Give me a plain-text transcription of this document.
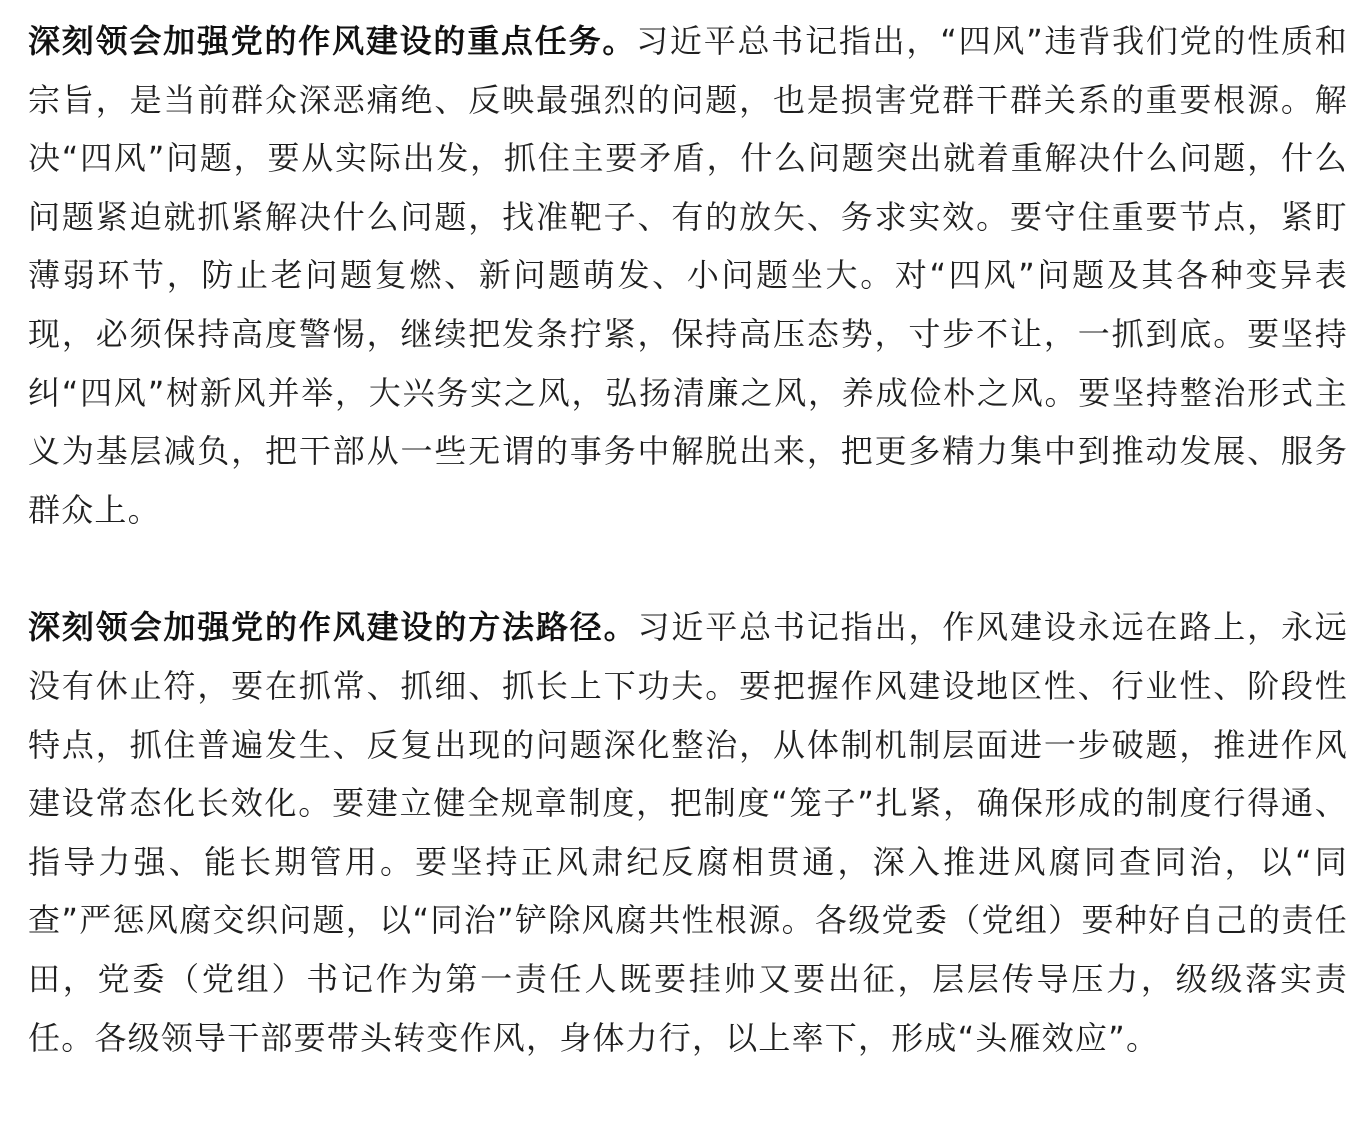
深刻领会加强党的作风建设的重点任务。习近平总书记指出，“四风”违背我们党的性质和宗旨，是当前群众深恶痛绝、反映最强烈的问题，也是损害党群干群关系的重要根源。解决“四风”问题，要从实际出发，抓住主要矛盾，什么问题突出就着重解决什么问题，什么问题紧迫就抓紧解决什么问题，找准靶子、有的放矢、务求实效。要守住重要节点，紧盯薄弱环节，防止老问题复燃、新问题萌发、小问题坐大。对“四风”问题及其各种变异表现，必须保持高度警惕，继续把发条拧紧，保持高压态势，寸步不让，一抓到底。要坚持纠“四风”树新风并举，大兴务实之风，弘扬清廉之风，养成俭朴之风。要坚持整治形式主义为基层减负，把干部从一些无谓的事务中解脱出来，把更多精力集中到推动发展、服务群众上。

深刻领会加强党的作风建设的方法路径。习近平总书记指出，作风建设永远在路上，永远没有休止符，要在抓常、抓细、抓长上下功夫。要把握作风建设地区性、行业性、阶段性特点，抓住普遍发生、反复出现的问题深化整治，从体制机制层面进一步破题，推进作风建设常态化长效化。要建立健全规章制度，把制度“笼子”扎紧，确保形成的制度行得通、指导力强、能长期管用。要坚持正风肃纪反腐相贯通，深入推进风腐同查同治，以“同查”严惩风腐交织问题，以“同治”铲除风腐共性根源。各级党委（党组）要种好自己的责任田，党委（党组）书记作为第一责任人既要挂帅又要出征，层层传导压力，级级落实责任。各级领导干部要带头转变作风，身体力行，以上率下，形成“头雁效应”。
